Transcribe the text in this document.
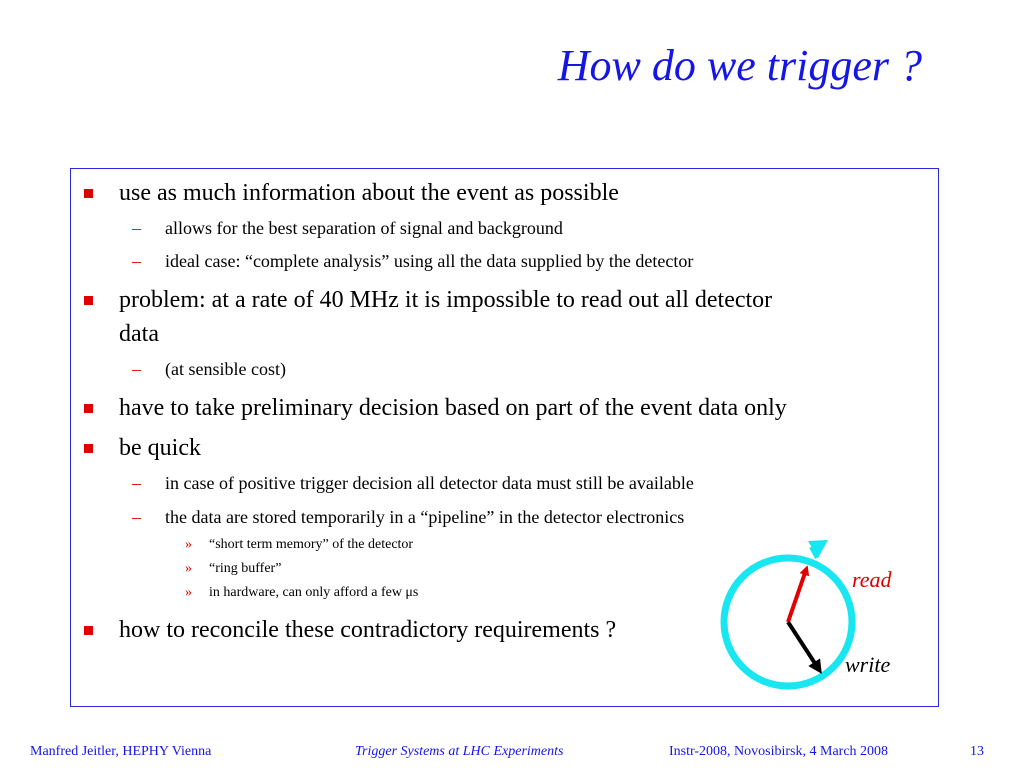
How do we trigger ?
use as much information about the event as possible
– allows for the best separation of signal and background
– ideal case: “complete analysis” using all the data supplied by the detector
problem: at a rate of 40 MHz it is impossible to read out all detector
data
– (at sensible cost)
have to take preliminary decision based on part of the event data only
be quick
– in case of positive trigger decision all detector data must still be available
– the data are stored temporarily in a “pipeline” in the detector electronics
» “short term memory” of the detector
» “ring buffer”
» in hardware, can only afford a few μs
how to reconcile these contradictory requirements ?
read
write
Manfred Jeitler, HEPHY Vienna	Trigger Systems at LHC Experiments	Instr-2008, Novosibirsk, 4 March 2008	13
